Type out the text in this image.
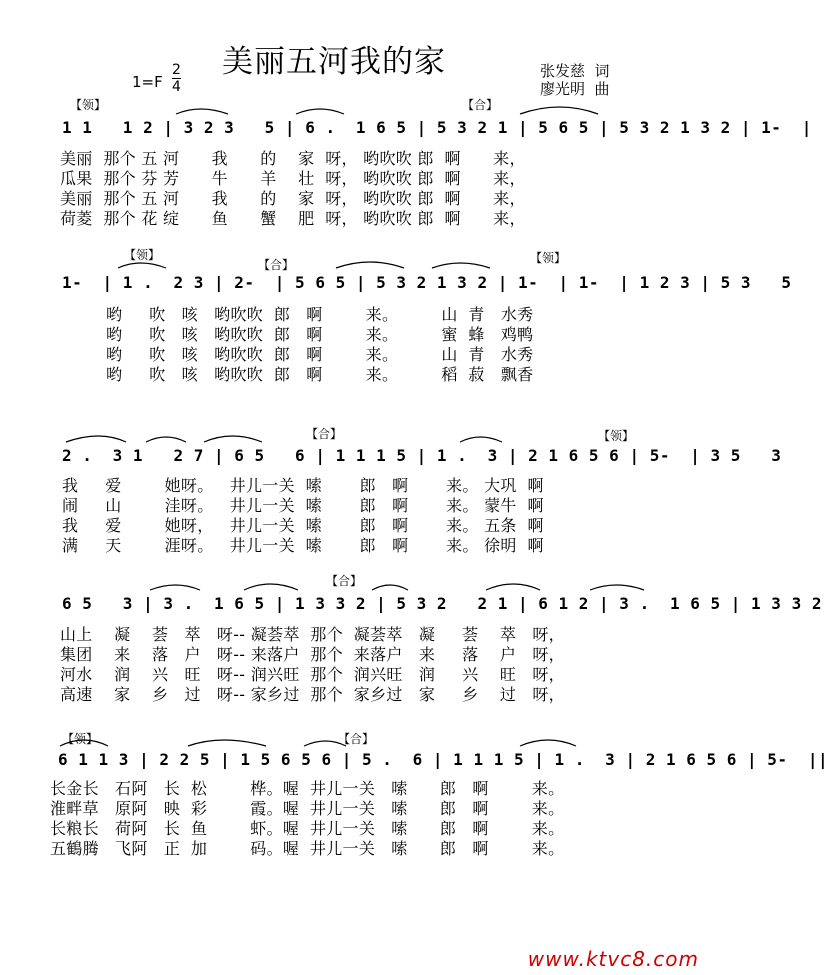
美丽五河我的家	张发慈  词
廖光明  曲
1=F
2
4
【领】	【合】
1 1   1 2 | 3 2 3   5 | 6 .  1 6 5 | 5 3 2 1 | 5 6 5 | 5 3 2 1 3 2 | 1-  |
美丽  那个 五 河      我      的    家  呀， 哟吹吹 郎  啊      来，
瓜果  那个 芬 芳      牛      羊    壮  呀， 哟吹吹 郎  啊      来，
美丽  那个 五 河      我      的    家  呀， 哟吹吹 郎  啊      来，
荷菱  那个 花 绽      鱼      蟹    肥  呀， 哟吹吹 郎  啊      来，
【领】
【合】	【领】
1-  | 1 .  2 3 | 2-  | 5 6 5 | 5 3 2 1 3 2 | 1-  | 1-  | 1 2 3 | 5 3   5
哟     吹   咳   哟吹吹  郎   啊        来。        山  青   水秀
哟     吹   咳   哟吹吹  郎   啊        来。        蜜  蜂   鸡鸭
哟     吹   咳   哟吹吹  郎   啊        来。        山  青   水秀
哟     吹   咳   哟吹吹  郎   啊        来。        稻  菽   飘香
【合】	【领】
2 .  3 1   2 7 | 6 5   6 | 1 1 1 5 | 1 .  3 | 2 1 6 5 6 | 5-  | 3 5   3
我     爱        她呀。   井儿一关  嗦       郎   啊       来。 大巩  啊
闹     山        洼呀。   井儿一关  嗦       郎   啊       来。 蒙牛  啊
我     爱        她呀，   井儿一关  嗦       郎   啊       来。 五条  啊
满     天        涯呀。   井儿一关  嗦       郎   啊       来。 徐明  啊
【合】
6 5   3 | 3 .  1 6 5 | 1 3 3 2 | 5 3 2   2 1 | 6 1 2 | 3 .  1 6 5 | 1 3 3 2
山上    凝    荟   萃   呀-- 凝荟萃  那个  凝荟萃   凝     荟    萃   呀，
集团    来    落   户   呀-- 来落户  那个  来落户   来     落    户   呀，
河水    润    兴   旺   呀-- 润兴旺  那个  润兴旺   润     兴    旺   呀，
高速    家    乡   过   呀-- 家乡过  那个  家乡过   家     乡    过   呀，
【领】	【合】
6 1 1 3 | 2 2 5 | 1 5 6 5 6 | 5 .  6 | 1 1 1 5 | 1 .  3 | 2 1 6 5 6 | 5-  ||
长金长   石阿   长  松        桦。喔  井儿一关   嗦      郎   啊        来。
淮畔草   原阿   映  彩        霞。喔  井儿一关   嗦      郎   啊        来。
长粮长   荷阿   长  鱼        虾。喔  井儿一关   嗦      郎   啊        来。
五鶴腾   飞阿   正  加        码。喔  井儿一关   嗦      郎   啊        来。
www.ktvc8.com
